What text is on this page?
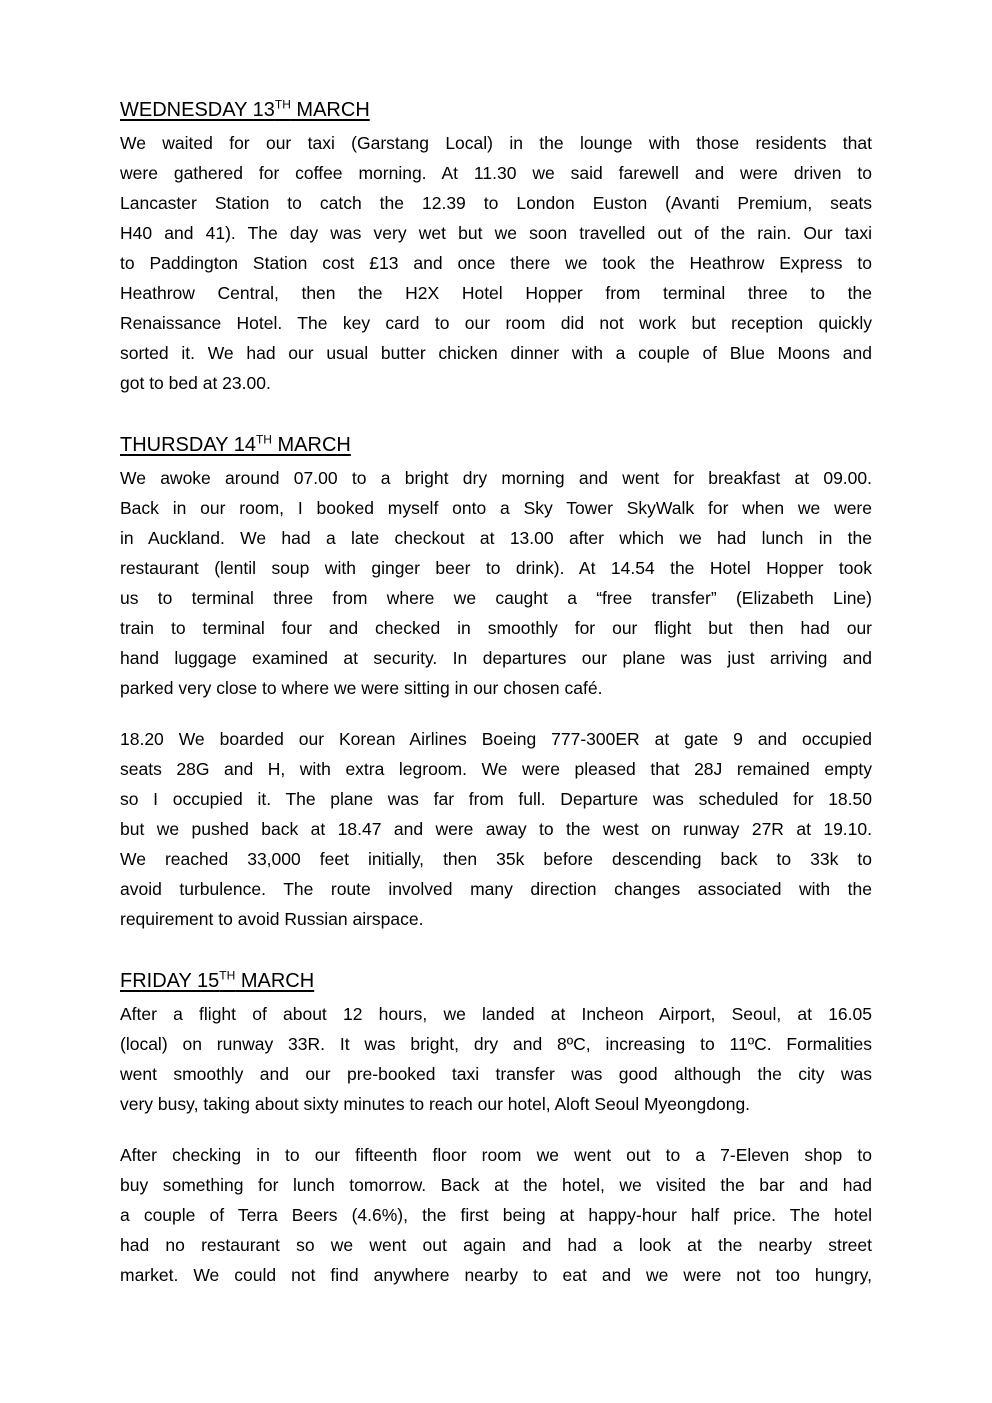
WEDNESDAY 13TH MARCH
We waited for our taxi (Garstang Local) in the lounge with those residents that
were gathered for coffee morning. At 11.30 we said farewell and were driven to
Lancaster Station to catch the 12.39 to London Euston (Avanti Premium, seats
H40 and 41). The day was very wet but we soon travelled out of the rain. Our taxi
to Paddington Station cost £13 and once there we took the Heathrow Express to
Heathrow Central, then the H2X Hotel Hopper from terminal three to the
Renaissance Hotel. The key card to our room did not work but reception quickly
sorted it. We had our usual butter chicken dinner with a couple of Blue Moons and
got to bed at 23.00.
THURSDAY 14TH MARCH
We awoke around 07.00 to a bright dry morning and went for breakfast at 09.00.
Back in our room, I booked myself onto a Sky Tower SkyWalk for when we were
in Auckland. We had a late checkout at 13.00 after which we had lunch in the
restaurant (lentil soup with ginger beer to drink). At 14.54 the Hotel Hopper took
us to terminal three from where we caught a “free transfer” (Elizabeth Line)
train to terminal four and checked in smoothly for our flight but then had our
hand luggage examined at security. In departures our plane was just arriving and
parked very close to where we were sitting in our chosen café.
18.20 We boarded our Korean Airlines Boeing 777-300ER at gate 9 and occupied
seats 28G and H, with extra legroom. We were pleased that 28J remained empty
so I occupied it. The plane was far from full. Departure was scheduled for 18.50
but we pushed back at 18.47 and were away to the west on runway 27R at 19.10.
We reached 33,000 feet initially, then 35k before descending back to 33k to
avoid turbulence. The route involved many direction changes associated with the
requirement to avoid Russian airspace.
FRIDAY 15TH MARCH
After a flight of about 12 hours, we landed at Incheon Airport, Seoul, at 16.05
(local) on runway 33R. It was bright, dry and 8ºC, increasing to 11ºC. Formalities
went smoothly and our pre-booked taxi transfer was good although the city was
very busy, taking about sixty minutes to reach our hotel, Aloft Seoul Myeongdong.
After checking in to our fifteenth floor room we went out to a 7-Eleven shop to
buy something for lunch tomorrow. Back at the hotel, we visited the bar and had
a couple of Terra Beers (4.6%), the first being at happy-hour half price. The hotel
had no restaurant so we went out again and had a look at the nearby street
market. We could not find anywhere nearby to eat and we were not too hungry,
